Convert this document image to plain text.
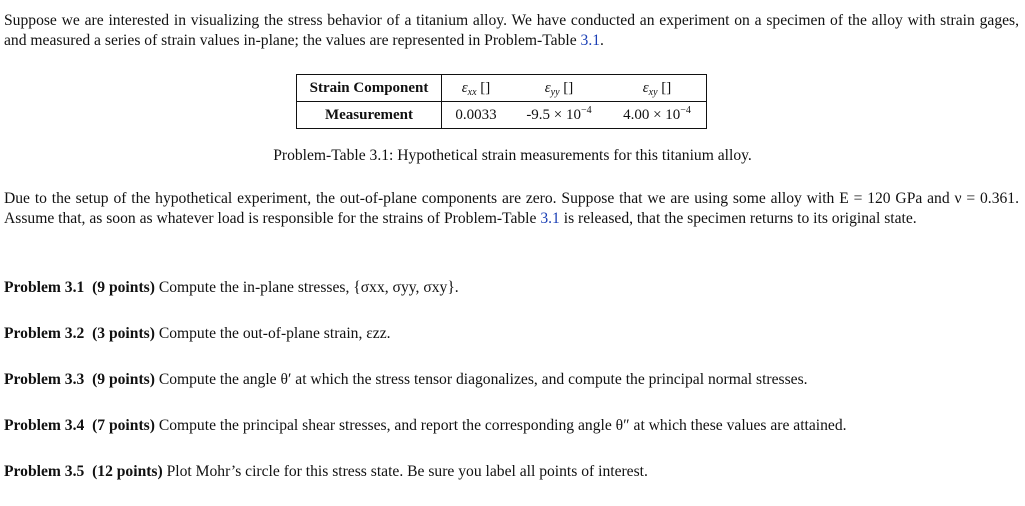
Suppose we are interested in visualizing the stress behavior of a titanium alloy. We have conducted an experiment on a specimen of the alloy with strain gages, and measured a series of strain values in-plane; the values are represented in Problem-Table 3.1.
Strain Component	$\varepsilon_{xx}$ []	$\varepsilon_{yy}$ []	$\varepsilon_{xy}$ []
Measurement	0.0033	$-9.5 \times 10^{-4}$	$4.00 \times 10^{-4}$
Problem-Table 3.1: Hypothetical strain measurements for this titanium alloy.
Due to the setup of the hypothetical experiment, the out-of-plane components are zero. Suppose that we are using some alloy with E = 120 GPa and ν = 0.361. Assume that, as soon as whatever load is responsible for the strains of Problem-Table 3.1 is released, that the specimen returns to its original state.
Problem 3.1 (9 points) Compute the in-plane stresses, {σxx, σyy, σxy}.
Problem 3.2 (3 points) Compute the out-of-plane strain, εzz.
Problem 3.3 (9 points) Compute the angle θ′ at which the stress tensor diagonalizes, and compute the principal normal stresses.
Problem 3.4 (7 points) Compute the principal shear stresses, and report the corresponding angle θ″ at which these values are attained.
Problem 3.5 (12 points) Plot Mohr’s circle for this stress state. Be sure you label all points of interest.
